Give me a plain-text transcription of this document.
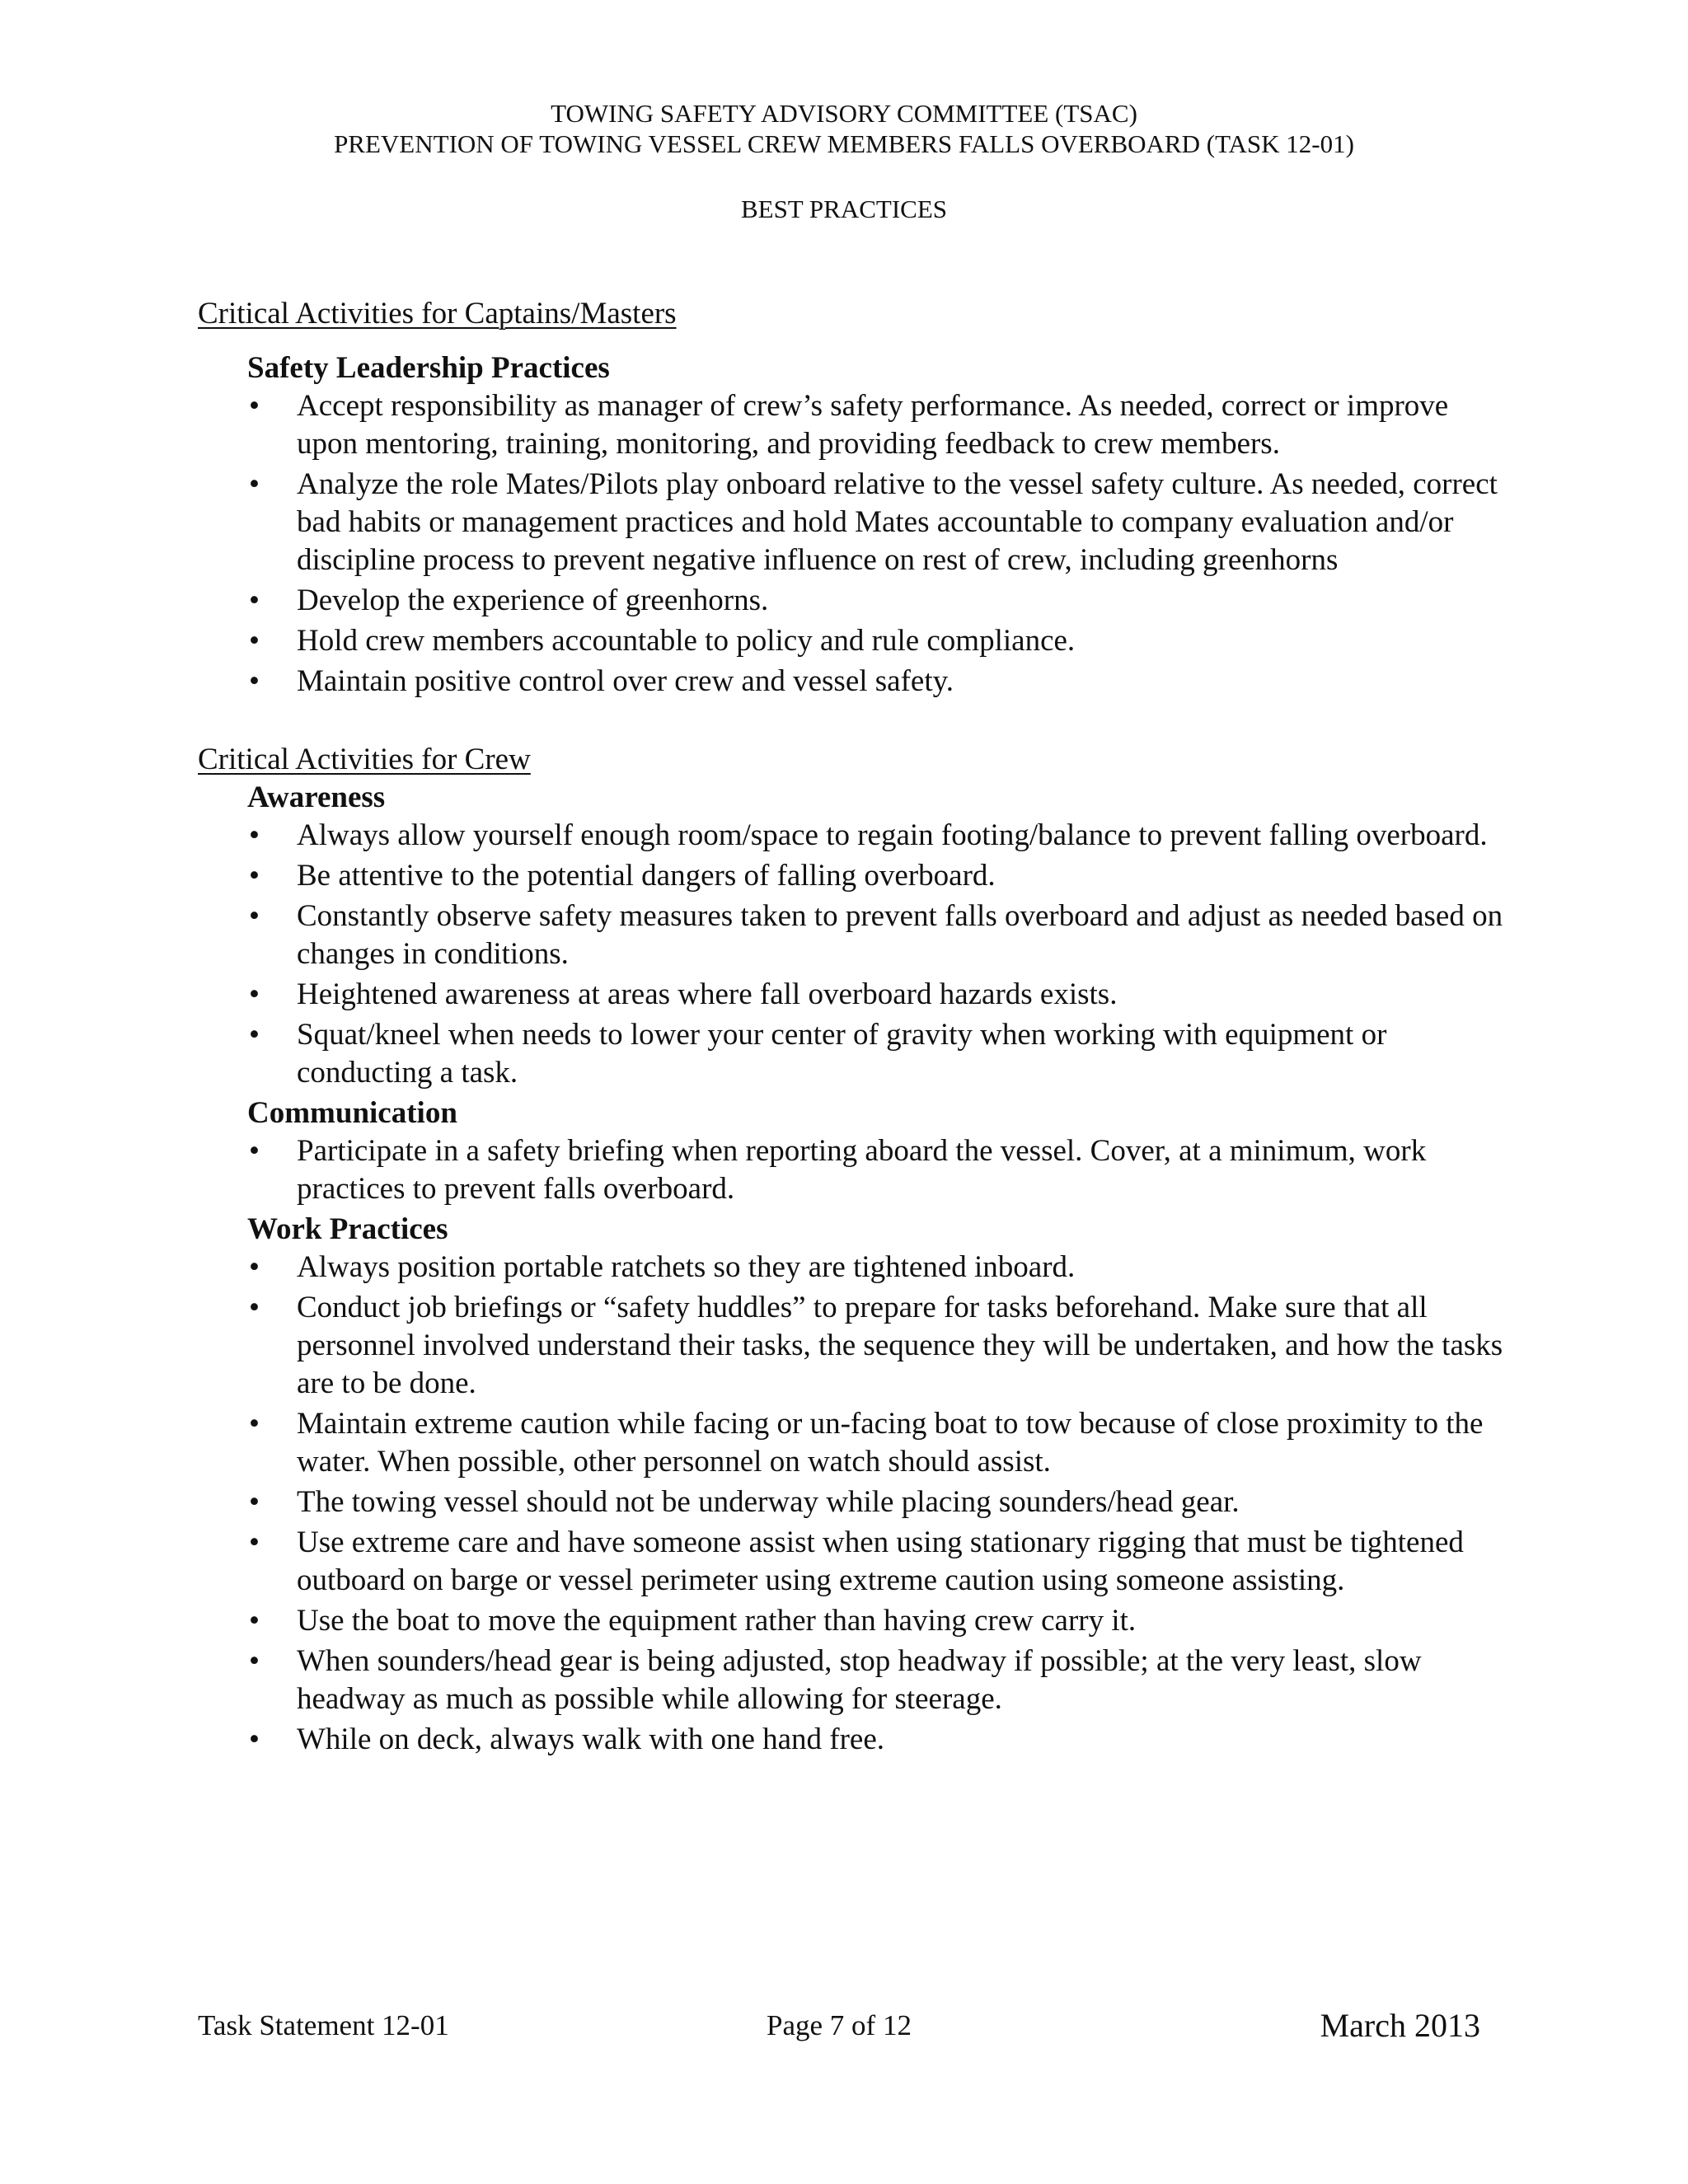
TOWING SAFETY ADVISORY COMMITTEE (TSAC)
PREVENTION OF TOWING VESSEL CREW MEMBERS FALLS OVERBOARD (TASK 12-01)
BEST PRACTICES

Critical Activities for Captains/Masters

Safety Leadership Practices

• Accept responsibility as manager of crew’s safety performance. As needed, correct or improve upon mentoring, training, monitoring, and providing feedback to crew members.
• Analyze the role Mates/Pilots play onboard relative to the vessel safety culture. As needed, correct bad habits or management practices and hold Mates accountable to company evaluation and/or discipline process to prevent negative influence on rest of crew, including greenhorns
• Develop the experience of greenhorns.
• Hold crew members accountable to policy and rule compliance.
• Maintain positive control over crew and vessel safety.

Critical Activities for Crew

Awareness

• Always allow yourself enough room/space to regain footing/balance to prevent falling overboard.
• Be attentive to the potential dangers of falling overboard.
• Constantly observe safety measures taken to prevent falls overboard and adjust as needed based on changes in conditions.
• Heightened awareness at areas where fall overboard hazards exists.
• Squat/kneel when needs to lower your center of gravity when working with equipment or conducting a task.

Communication

• Participate in a safety briefing when reporting aboard the vessel. Cover, at a minimum, work practices to prevent falls overboard.

Work Practices

• Always position portable ratchets so they are tightened inboard.
• Conduct job briefings or “safety huddles” to prepare for tasks beforehand. Make sure that all personnel involved understand their tasks, the sequence they will be undertaken, and how the tasks are to be done.
• Maintain extreme caution while facing or un-facing boat to tow because of close proximity to the water. When possible, other personnel on watch should assist.
• The towing vessel should not be underway while placing sounders/head gear.
• Use extreme care and have someone assist when using stationary rigging that must be tightened outboard on barge or vessel perimeter using extreme caution using someone assisting.
• Use the boat to move the equipment rather than having crew carry it.
• When sounders/head gear is being adjusted, stop headway if possible; at the very least, slow headway as much as possible while allowing for steerage.
• While on deck, always walk with one hand free.
Task Statement 12-01	Page 7 of 12	March 2013
